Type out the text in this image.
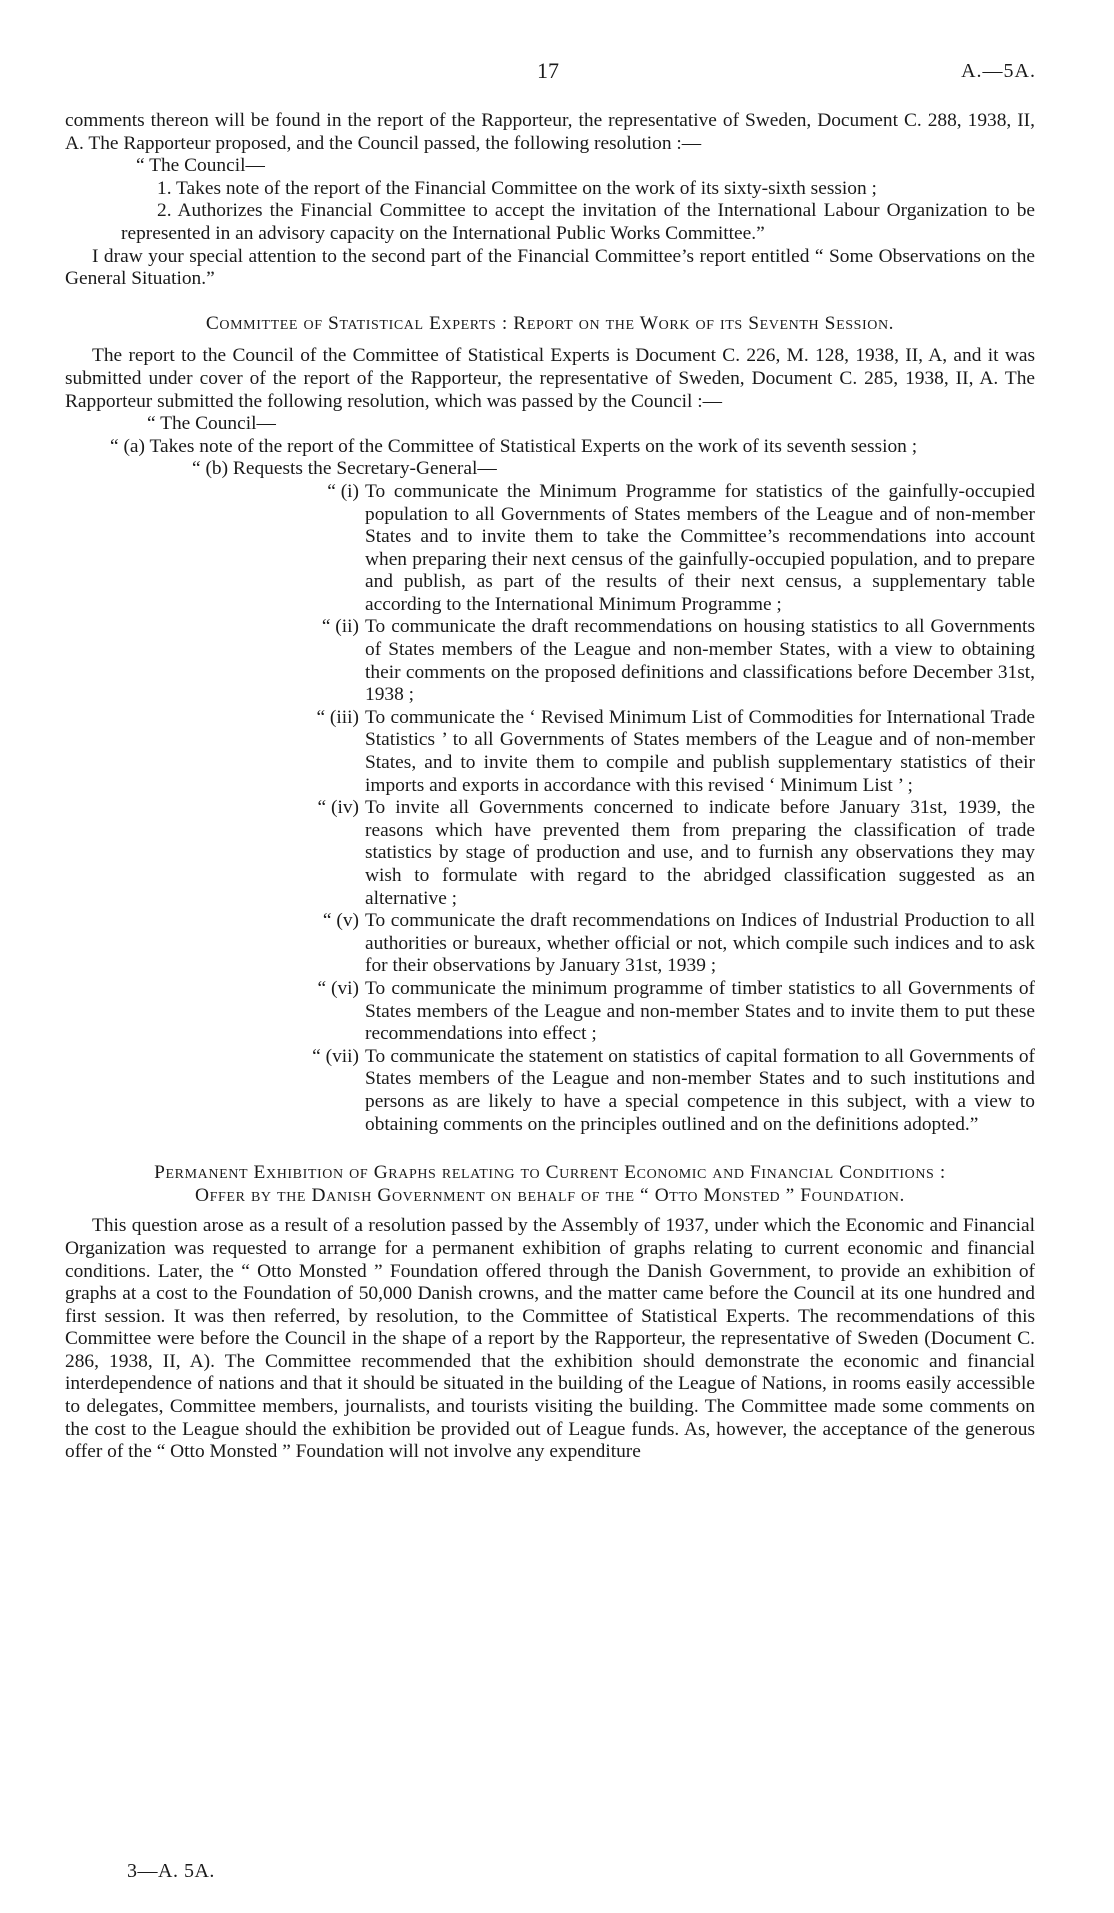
17	A.—5A.

comments thereon will be found in the report of the Rapporteur, the representative of Sweden, Document C. 288, 1938, II, A. The Rapporteur proposed, and the Council passed, the following resolution :—

“ The Council—

1. Takes note of the report of the Financial Committee on the work of its sixty-sixth session ;

2. Authorizes the Financial Committee to accept the invitation of the International Labour Organization to be represented in an advisory capacity on the International Public Works Committee.”

I draw your special attention to the second part of the Financial Committee’s report entitled “ Some Observations on the General Situation.”

Committee of Statistical Experts : Report on the Work of its Seventh Session.

The report to the Council of the Committee of Statistical Experts is Document C. 226, M. 128, 1938, II, A, and it was submitted under cover of the report of the Rapporteur, the representative of Sweden, Document C. 285, 1938, II, A. The Rapporteur submitted the following resolution, which was passed by the Council :—

“ The Council—

“ (a) Takes note of the report of the Committee of Statistical Experts on the work of its seventh session ;

“ (b) Requests the Secretary-General—

“ (i) To communicate the Minimum Programme for statistics of the gainfully-occupied population to all Governments of States members of the League and of non-member States and to invite them to take the Committee’s recommendations into account when preparing their next census of the gainfully-occupied population, and to prepare and publish, as part of the results of their next census, a supplementary table according to the International Minimum Programme ;
“ (ii) To communicate the draft recommendations on housing statistics to all Governments of States members of the League and non-member States, with a view to obtaining their comments on the proposed definitions and classifications before December 31st, 1938 ;
“ (iii) To communicate the ‘ Revised Minimum List of Commodities for International Trade Statistics ’ to all Governments of States members of the League and of non-member States, and to invite them to compile and publish supplementary statistics of their imports and exports in accordance with this revised ‘ Minimum List ’ ;
“ (iv) To invite all Governments concerned to indicate before January 31st, 1939, the reasons which have prevented them from preparing the classification of trade statistics by stage of production and use, and to furnish any observations they may wish to formulate with regard to the abridged classification suggested as an alternative ;
“ (v) To communicate the draft recommendations on Indices of Industrial Production to all authorities or bureaux, whether official or not, which compile such indices and to ask for their observations by January 31st, 1939 ;
“ (vi) To communicate the minimum programme of timber statistics to all Governments of States members of the League and non-member States and to invite them to put these recommendations into effect ;
“ (vii) To communicate the statement on statistics of capital formation to all Governments of States members of the League and non-member States and to such institutions and persons as are likely to have a special competence in this subject, with a view to obtaining comments on the principles outlined and on the definitions adopted.”

Permanent Exhibition of Graphs relating to Current Economic and Financial Conditions :

Offer by the Danish Government on behalf of the “ Otto Monsted ” Foundation.

This question arose as a result of a resolution passed by the Assembly of 1937, under which the Economic and Financial Organization was requested to arrange for a permanent exhibition of graphs relating to current economic and financial conditions. Later, the “ Otto Monsted ” Foundation offered through the Danish Government, to provide an exhibition of graphs at a cost to the Foundation of 50,000 Danish crowns, and the matter came before the Council at its one hundred and first session. It was then referred, by resolution, to the Committee of Statistical Experts. The recommendations of this Committee were before the Council in the shape of a report by the Rapporteur, the representative of Sweden (Document C. 286, 1938, II, A). The Committee recommended that the exhibition should demonstrate the economic and financial interdependence of nations and that it should be situated in the building of the League of Nations, in rooms easily accessible to delegates, Committee members, journalists, and tourists visiting the building. The Committee made some comments on the cost to the League should the exhibition be provided out of League funds. As, however, the acceptance of the generous offer of the “ Otto Monsted ” Foundation will not involve any expenditure

3—A. 5A.
